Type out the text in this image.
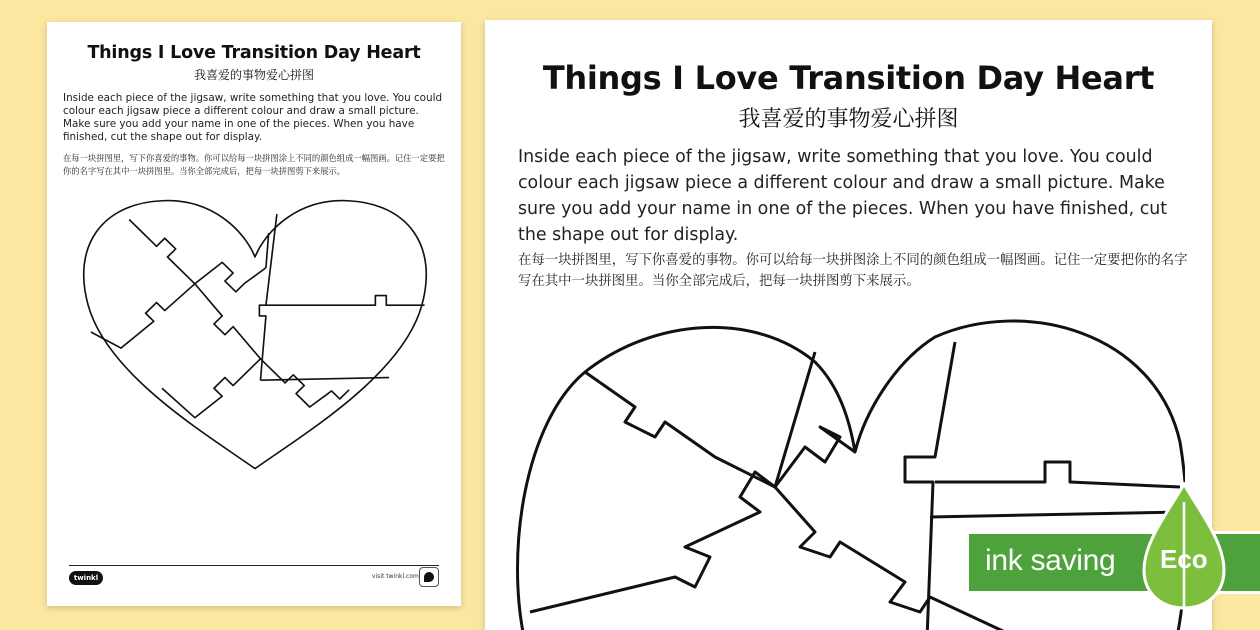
Things I Love Transition Day Heart
我喜爱的事物爱心拼图
Inside each piece of the jigsaw, write something that you love. You could colour each jigsaw piece a different colour and draw a small picture. Make sure you add your name in one of the pieces. When you have finished, cut the shape out for display.
在每一块拼图里，写下你喜爱的事物。你可以给每一块拼图涂上不同的颜色组成一幅图画。记住一定要把你的名字写在其中一块拼图里。当你全部完成后，把每一块拼图剪下来展示。
twinkl	visit twinkl.com
Things I Love Transition Day Heart
我喜爱的事物爱心拼图
Inside each piece of the jigsaw, write something that you love. You could colour each jigsaw piece a different colour and draw a small picture. Make sure you add your name in one of the pieces. When you have finished, cut the shape out for display.
在每一块拼图里，写下你喜爱的事物。你可以给每一块拼图涂上不同的颜色组成一幅图画。记住一定要把你的名字写在其中一块拼图里。当你全部完成后，把每一块拼图剪下来展示。
ink saving Eco
